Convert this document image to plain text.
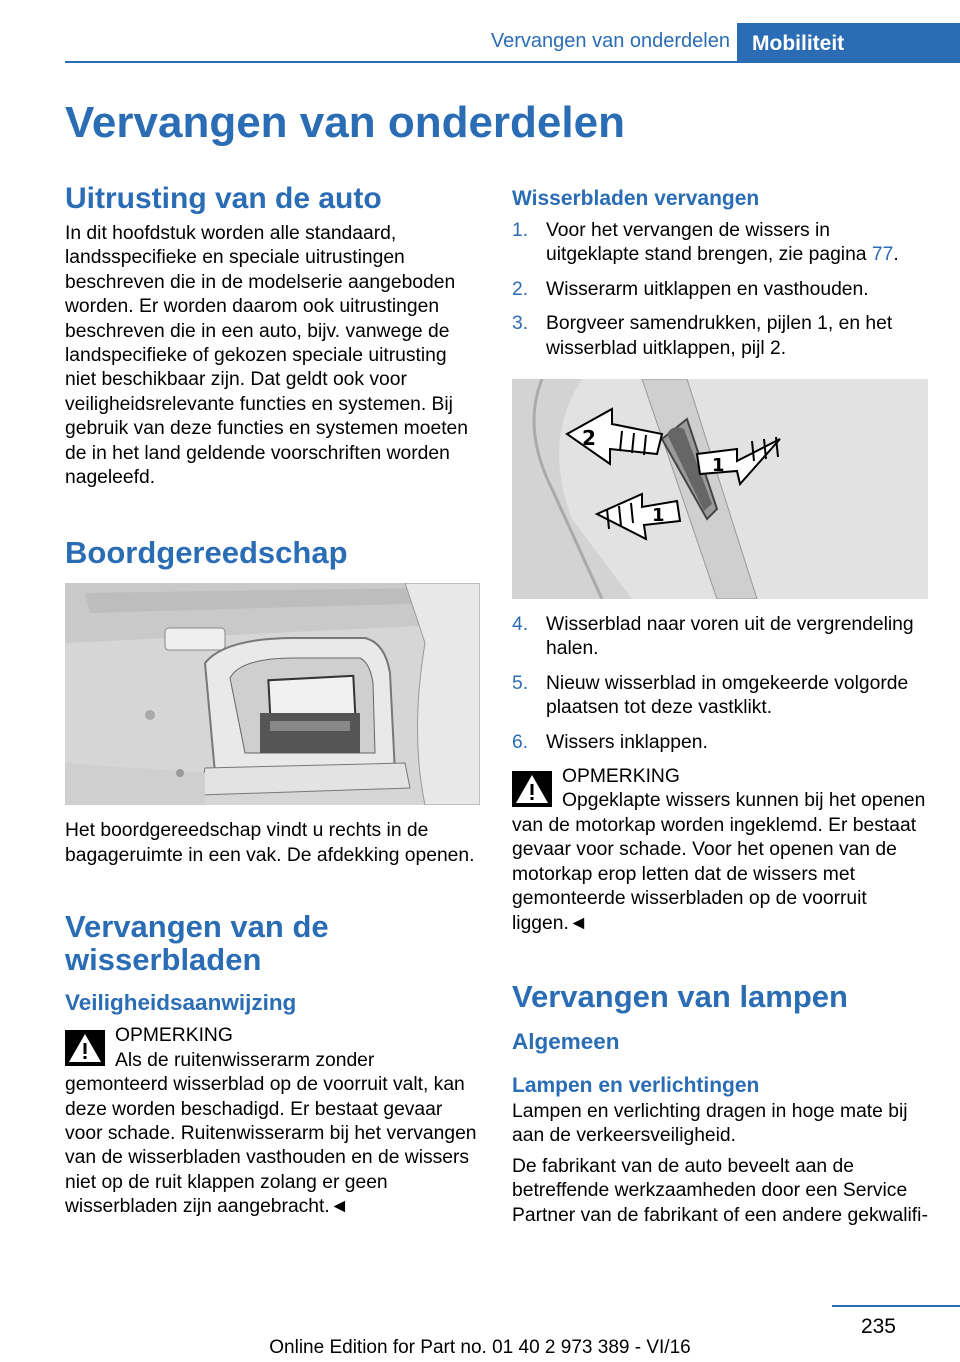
Vervangen van onderdelen	Mobiliteit
Vervangen van onderdelen
Uitrusting van de auto

In dit hoofdstuk worden alle standaard, landsspecifieke en speciale uitrustingen beschreven die in de modelserie aangeboden worden. Er worden daarom ook uitrustingen beschreven die in een auto, bijv. vanwege de landspecifieke of gekozen speciale uitrusting niet beschikbaar zijn. Dat geldt ook voor veiligheidsrelevante functies en systemen. Bij gebruik van deze functies en systemen moeten de in het land geldende voorschriften worden nageleefd.

Boordgereedschap

Het boordgereedschap vindt u rechts in de bagageruimte in een vak. De afdekking openen.

Vervangen van de wisserbladen
Veiligheidsaanwijzing

OPMERKING

Als de ruitenwisserarm zonder gemonteerd wisserblad op de voorruit valt, kan deze worden beschadigd. Er bestaat gevaar voor schade. Ruitenwisserarm bij het vervangen van de wisserbladen vasthouden en de wissers niet op de ruit klappen zolang er geen wisserbladen zijn aangebracht.◄

Wisserbladen vervangen
1. Voor het vervangen de wissers in uitgeklapte stand brengen, zie pagina 77.
2. Wisserarm uitklappen en vasthouden.
3. Borgveer samendrukken, pijlen 1, en het wisserblad uitklappen, pijl 2.
2
1
1
4. Wisserblad naar voren uit de vergrendeling halen.
5. Nieuw wisserblad in omgekeerde volgorde plaatsen tot deze vastklikt.
6. Wissers inklappen.

OPMERKING

Opgeklapte wissers kunnen bij het openen van de motorkap worden ingeklemd. Er bestaat gevaar voor schade. Voor het openen van de motorkap erop letten dat de wissers met gemonteerde wisserbladen op de voorruit liggen.◄

Vervangen van lampen
Algemeen
Lampen en verlichtingen

Lampen en verlichting dragen in hoge mate bij aan de verkeersveiligheid.

De fabrikant van de auto beveelt aan de betreffende werkzaamheden door een Service Partner van de fabrikant of een andere gekwalifi-

235
Online Edition for Part no. 01 40 2 973 389 - VI/16
